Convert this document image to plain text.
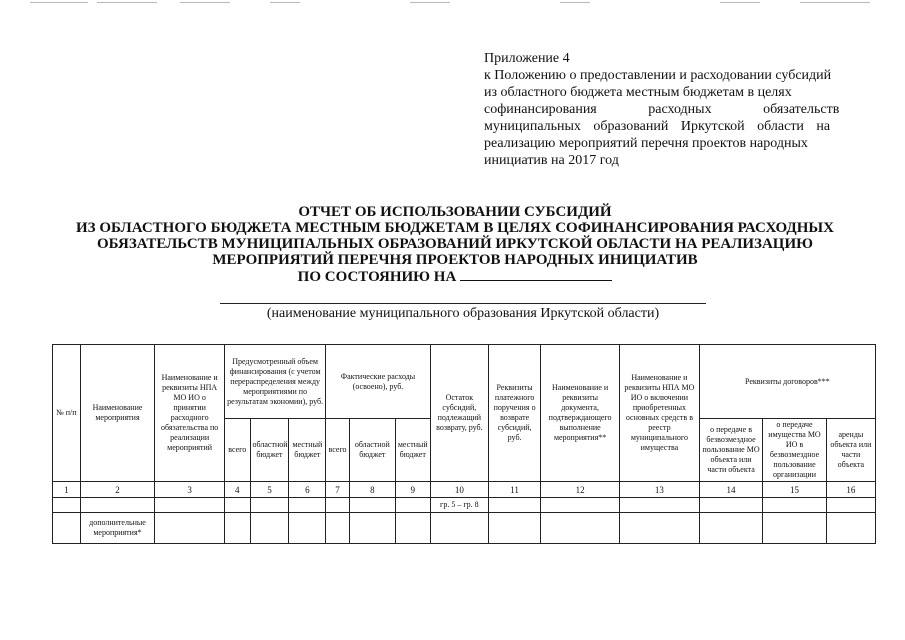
Приложение 4
к Положению о предоставлении и расходовании субсидий
из областного бюджета местным бюджетам в целях
софинансирования расходных обязательств
муниципальных образований Иркутской области на
реализацию мероприятий перечня проектов народных
инициатив на 2017 год
ОТЧЕТ ОБ ИСПОЛЬЗОВАНИИ СУБСИДИЙ
ИЗ ОБЛАСТНОГО БЮДЖЕТА МЕСТНЫМ БЮДЖЕТАМ В ЦЕЛЯХ СОФИНАНСИРОВАНИЯ РАСХОДНЫХ
ОБЯЗАТЕЛЬСТВ МУНИЦИПАЛЬНЫХ ОБРАЗОВАНИЙ ИРКУТСКОЙ ОБЛАСТИ НА РЕАЛИЗАЦИЮ
МЕРОПРИЯТИЙ ПЕРЕЧНЯ ПРОЕКТОВ НАРОДНЫХ ИНИЦИАТИВ
ПО СОСТОЯНИЮ НА
(наименование муниципального образования Иркутской области)
№ п/п	Наименование мероприятия	Наименование и реквизиты НПА МО ИО о принятии расходного обязательства по реализации мероприятий	Предусмотренный объем финансирования (с учетом перераспределения между мероприятиями по результатам экономии), руб.			Фактические расходы (освоено), руб.			Остаток субсидий, подлежащий возврату, руб.	Реквизиты платежного поручения о возврате субсидий, руб.	Наименование и реквизиты документа, подтверждающего выполнение мероприятия**	Наименование и реквизиты НПА МО ИО о включении приобретенных основных средств в реестр муниципального имущества	Реквизиты договоров***		
			всего	областной бюджет	местный бюджет	всего	областной бюджет	местный бюджет					о передаче в безвозмездное пользование МО объекта или части объекта	о передаче имущества МО ИО в безвозмездное пользование организации	аренды объекта или части объекта
1	2	3	4	5	6	7	8	9	10	11	12	13	14	15	16
									гр. 5 – гр. 8						
	дополнительные мероприятия*														
